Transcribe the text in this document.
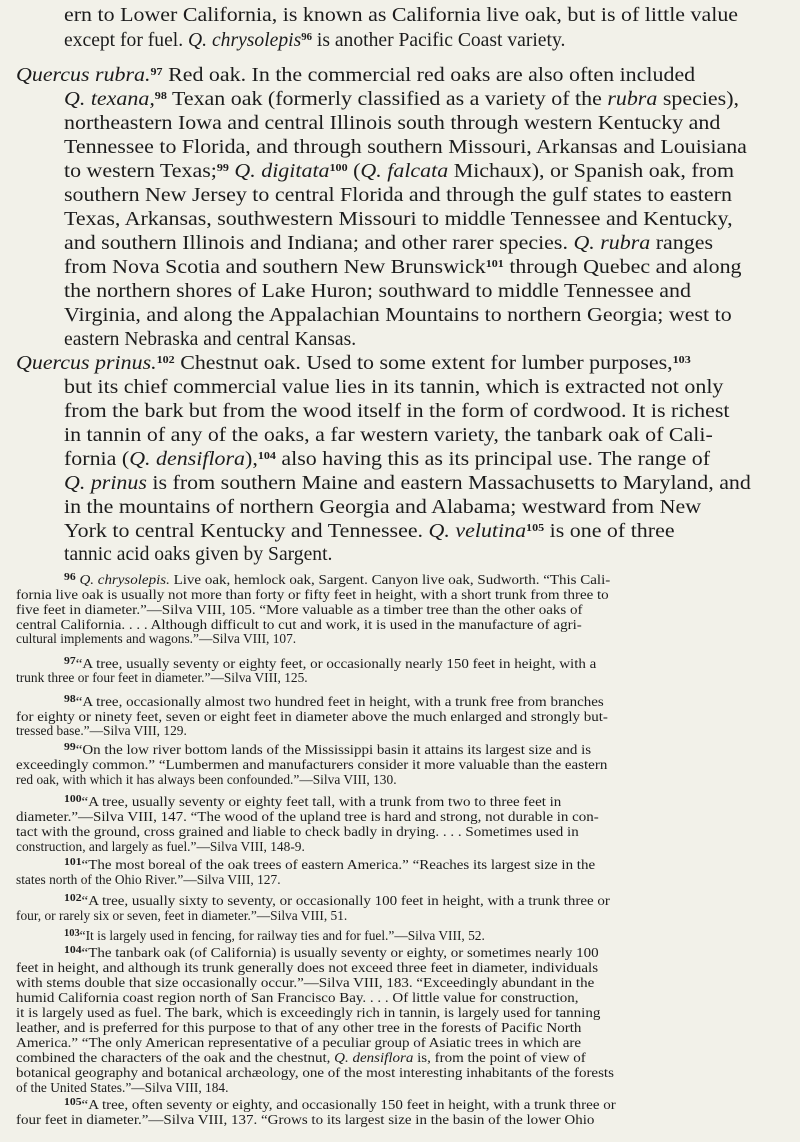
ern to Lower California, is known as California live oak, but is of little value

except for fuel. Q. chrysolepis$^{96}$ is another Pacific Coast variety.

Quercus rubra.$^{97}$ Red oak. In the commercial red oaks are also often included

Q. texana,$^{98}$ Texan oak (formerly classified as a variety of the rubra species),

northeastern Iowa and central Illinois south through western Kentucky and

Tennessee to Florida, and through southern Missouri, Arkansas and Louisiana

to western Texas;$^{99}$ Q. digitata$^{100}$ (Q. falcata Michaux), or Spanish oak, from

southern New Jersey to central Florida and through the gulf states to eastern

Texas, Arkansas, southwestern Missouri to middle Tennessee and Kentucky,

and southern Illinois and Indiana; and other rarer species. Q. rubra ranges

from Nova Scotia and southern New Brunswick$^{101}$ through Quebec and along

the northern shores of Lake Huron; southward to middle Tennessee and

Virginia, and along the Appalachian Mountains to northern Georgia; west to

eastern Nebraska and central Kansas.

Quercus prinus.$^{102}$ Chestnut oak. Used to some extent for lumber purposes,$^{103}$

but its chief commercial value lies in its tannin, which is extracted not only

from the bark but from the wood itself in the form of cordwood. It is richest

in tannin of any of the oaks, a far western variety, the tanbark oak of Cali-

fornia (Q. densiflora),$^{104}$ also having this as its principal use. The range of

Q. prinus is from southern Maine and eastern Massachusetts to Maryland, and

in the mountains of northern Georgia and Alabama; westward from New

York to central Kentucky and Tennessee. Q. velutina$^{105}$ is one of three

tannic acid oaks given by Sargent.

$^{96}$ Q. chrysolepis. Live oak, hemlock oak, Sargent. Canyon live oak, Sudworth. “This Cali-

fornia live oak is usually not more than forty or fifty feet in height, with a short trunk from three to

five feet in diameter.”—Silva VIII, 105. “More valuable as a timber tree than the other oaks of

central California. . . . Although difficult to cut and work, it is used in the manufacture of agri-

cultural implements and wagons.”—Silva VIII, 107.

$^{97}$“A tree, usually seventy or eighty feet, or occasionally nearly 150 feet in height, with a

trunk three or four feet in diameter.”—Silva VIII, 125.

$^{98}$“A tree, occasionally almost two hundred feet in height, with a trunk free from branches

for eighty or ninety feet, seven or eight feet in diameter above the much enlarged and strongly but-

tressed base.”—Silva VIII, 129.

$^{99}$“On the low river bottom lands of the Mississippi basin it attains its largest size and is

exceedingly common.” “Lumbermen and manufacturers consider it more valuable than the eastern

red oak, with which it has always been confounded.”—Silva VIII, 130.

$^{100}$“A tree, usually seventy or eighty feet tall, with a trunk from two to three feet in

diameter.”—Silva VIII, 147. “The wood of the upland tree is hard and strong, not durable in con-

tact with the ground, cross grained and liable to check badly in drying. . . . Sometimes used in

construction, and largely as fuel.”—Silva VIII, 148-9.

$^{101}$“The most boreal of the oak trees of eastern America.” “Reaches its largest size in the

states north of the Ohio River.”—Silva VIII, 127.

$^{102}$“A tree, usually sixty to seventy, or occasionally 100 feet in height, with a trunk three or

four, or rarely six or seven, feet in diameter.”—Silva VIII, 51.

$^{103}$“It is largely used in fencing, for railway ties and for fuel.”—Silva VIII, 52.

$^{104}$“The tanbark oak (of California) is usually seventy or eighty, or sometimes nearly 100

feet in height, and although its trunk generally does not exceed three feet in diameter, individuals

with stems double that size occasionally occur.”—Silva VIII, 183. “Exceedingly abundant in the

humid California coast region north of San Francisco Bay. . . . Of little value for construction,

it is largely used as fuel. The bark, which is exceedingly rich in tannin, is largely used for tanning

leather, and is preferred for this purpose to that of any other tree in the forests of Pacific North

America.” “The only American representative of a peculiar group of Asiatic trees in which are

combined the characters of the oak and the chestnut, Q. densiflora is, from the point of view of

botanical geography and botanical archæology, one of the most interesting inhabitants of the forests

of the United States.”—Silva VIII, 184.

$^{105}$“A tree, often seventy or eighty, and occasionally 150 feet in height, with a trunk three or

four feet in diameter.”—Silva VIII, 137. “Grows to its largest size in the basin of the lower Ohio
